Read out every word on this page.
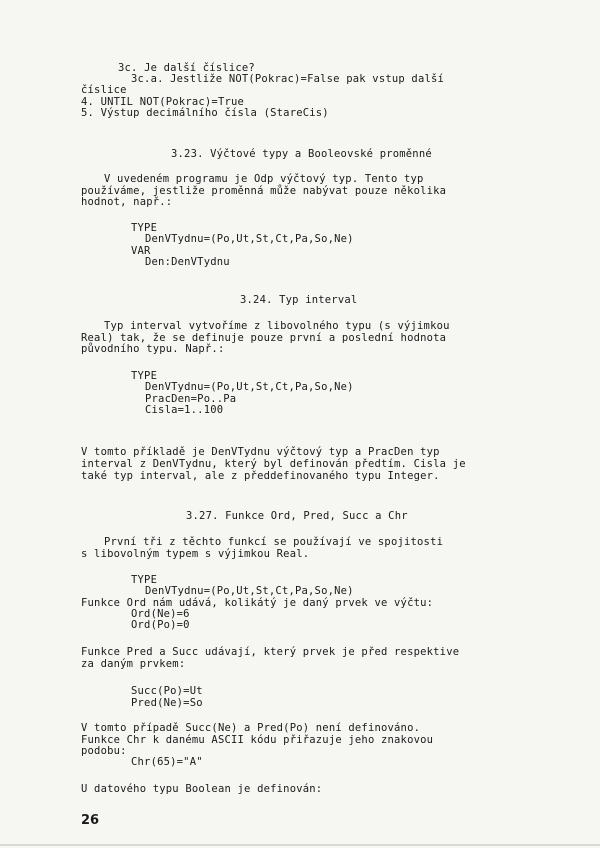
3c. Je další číslice?
3c.a. Jestliže NOT(Pokrac)=False pak vstup další
číslice
4. UNTIL NOT(Pokrac)=True
5. Výstup decimálního čísla (StareCis)
3.23. Výčtové typy a Booleovské proměnné
V uvedeném programu je Odp výčtový typ. Tento typ
používáme, jestliže proměnná může nabývat pouze několika
hodnot, např.:
TYPE
DenVTydnu=(Po,Ut,St,Ct,Pa,So,Ne)
VAR
Den:DenVTydnu
3.24. Typ interval
Typ interval vytvoříme z libovolného typu (s výjimkou
Real) tak, že se definuje pouze první a poslední hodnota
původního typu. Např.:
TYPE
DenVTydnu=(Po,Ut,St,Ct,Pa,So,Ne)
PracDen=Po..Pa
Cisla=1..100
V tomto příkladě je DenVTydnu výčtový typ a PracDen typ
interval z DenVTydnu, který byl definován předtím. Cisla je
také typ interval, ale z předdefinovaného typu Integer.
3.27. Funkce Ord, Pred, Succ a Chr
První tři z těchto funkcí se používají ve spojitosti
s libovolným typem s výjimkou Real.
TYPE
DenVTydnu=(Po,Ut,St,Ct,Pa,So,Ne)
Funkce Ord nám udává, kolikátý je daný prvek ve výčtu:
Ord(Ne)=6
Ord(Po)=0
Funkce Pred a Succ udávají, který prvek je před respektive
za daným prvkem:
Succ(Po)=Ut
Pred(Ne)=So
V tomto případě Succ(Ne) a Pred(Po) není definováno.
Funkce Chr k danému ASCII kódu přiřazuje jeho znakovou
podobu:
Chr(65)="A"
U datového typu Boolean je definován:
26
